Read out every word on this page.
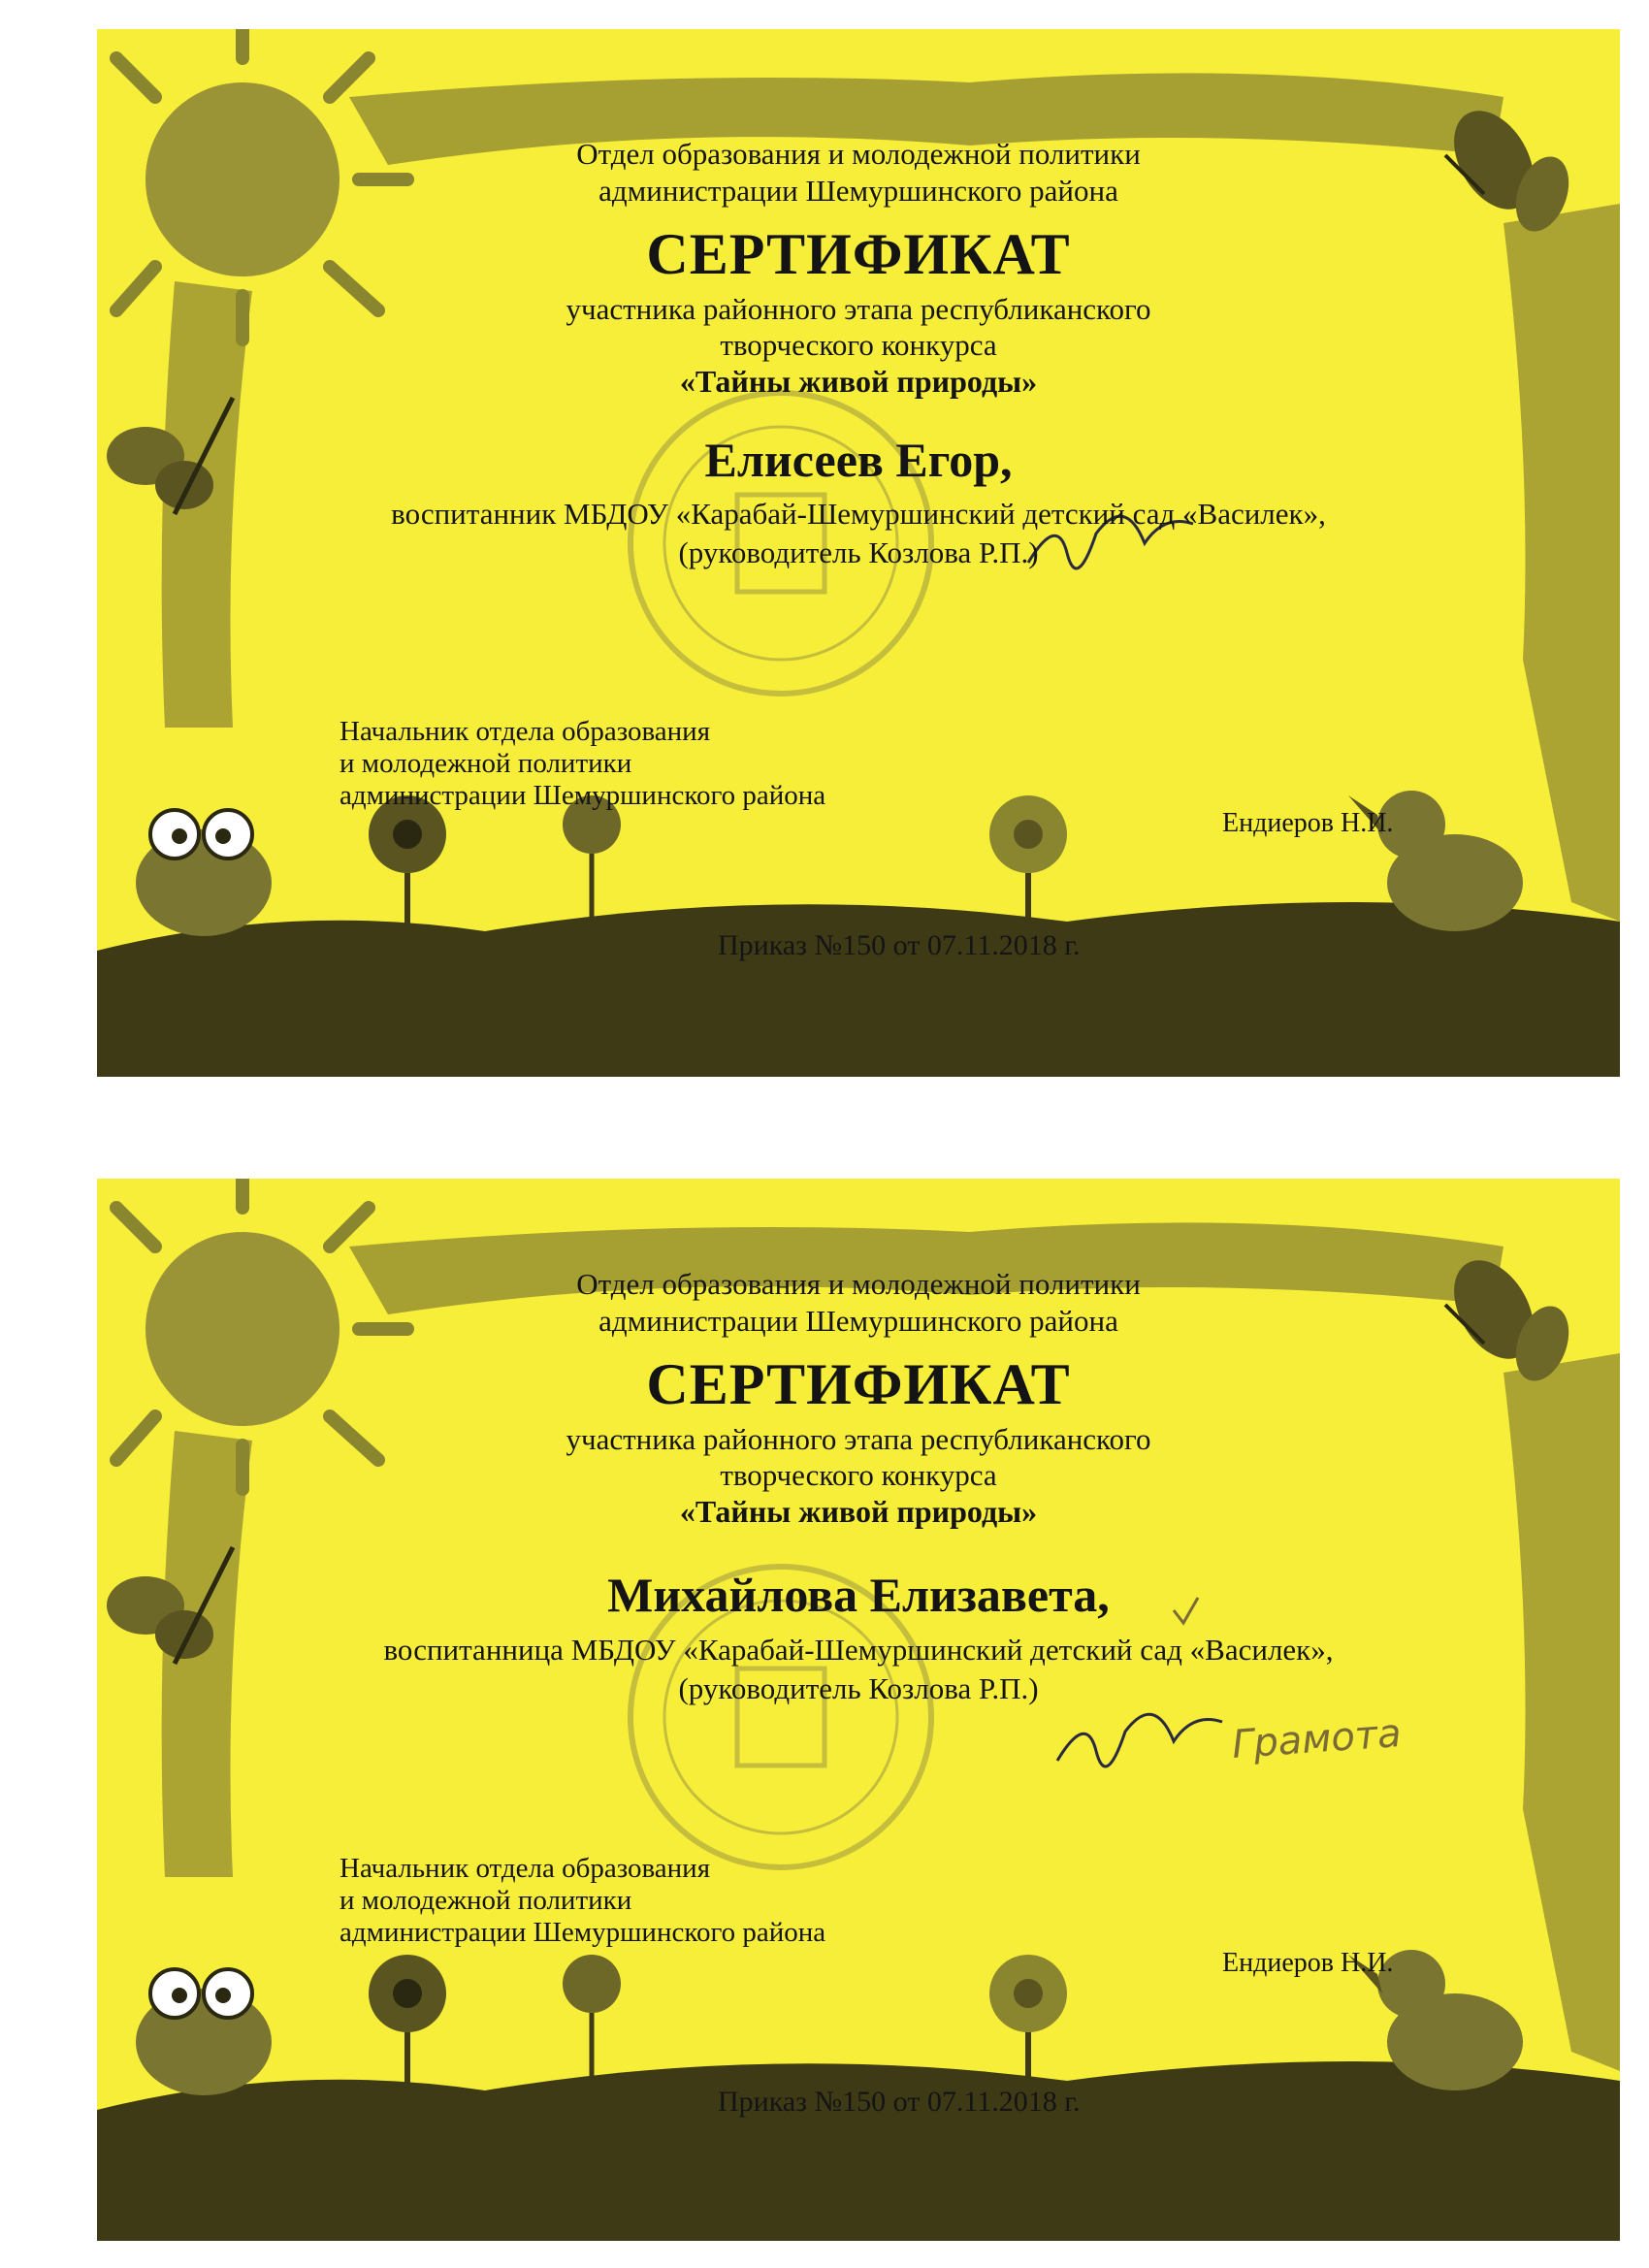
Отдел образования и молодежной политики
администрации Шемуршинского района
СЕРТИФИКАТ
участника районного этапа республиканского
творческого конкурса
«Тайны живой природы»
Елисеев Егор,
воспитанник МБДОУ «Карабай-Шемуршинский детский сад «Василек»,
(руководитель Козлова Р.П.)
Начальник отдела образования
и молодежной политики
администрации Шемуршинского района
Ендиеров Н.И.
Приказ №150 от 07.11.2018 г.
Отдел образования и молодежной политики
администрации Шемуршинского района
СЕРТИФИКАТ
участника районного этапа республиканского
творческого конкурса
«Тайны живой природы»
Михайлова Елизавета,
воспитанница МБДОУ «Карабай-Шемуршинский детский сад «Василек»,
(руководитель Козлова Р.П.)
Грамота
Начальник отдела образования
и молодежной политики
администрации Шемуршинского района
Ендиеров Н.И.
Приказ №150 от 07.11.2018 г.
